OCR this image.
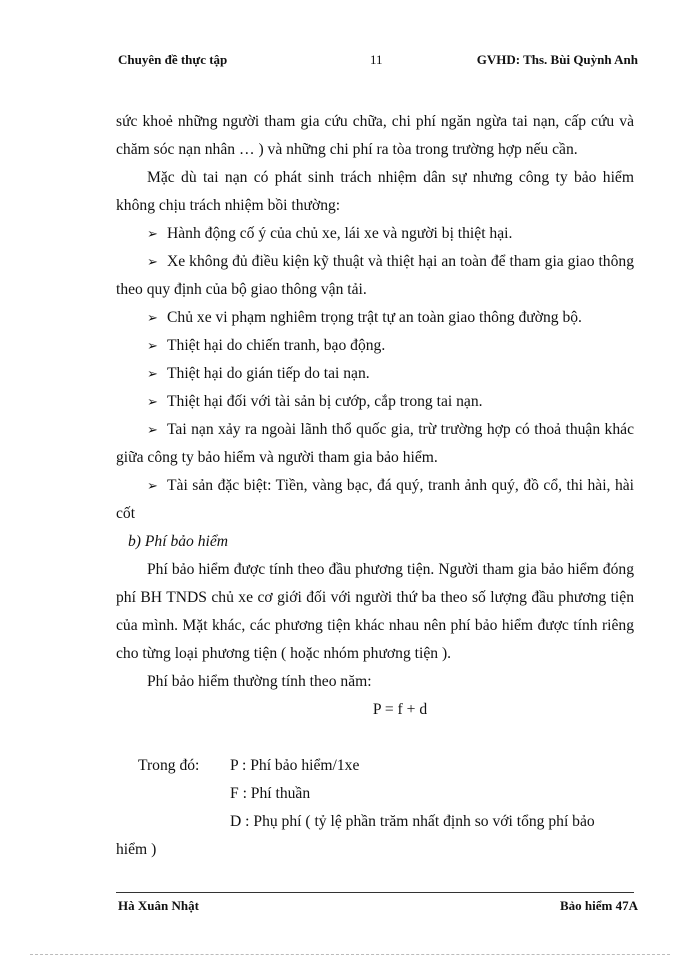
Chuyên đề thực tập	11	GVHD: Ths. Bùi Quỳnh Anh

sức khoẻ những người tham gia cứu chữa, chi phí ngăn ngừa tai nạn, cấp cứu và chăm sóc nạn nhân … ) và những chi phí ra tòa trong trường hợp nếu cần.

Mặc dù tai nạn có phát sinh trách nhiệm dân sự nhưng công ty bảo hiểm không chịu trách nhiệm bồi thường:

➢ Hành động cố ý của chủ xe, lái xe và người bị thiệt hại.

➢ Xe không đủ điều kiện kỹ thuật và thiệt hại an toàn để tham gia giao thông theo quy định của bộ giao thông vận tải.

➢ Chủ xe vi phạm nghiêm trọng trật tự an toàn giao thông đường bộ.

➢ Thiệt hại do chiến tranh, bạo động.

➢ Thiệt hại do gián tiếp do tai nạn.

➢ Thiệt hại đối với tài sản bị cướp, cắp trong tai nạn.

➢ Tai nạn xảy ra ngoài lãnh thổ quốc gia, trừ trường hợp có thoả thuận khác giữa công ty bảo hiểm và người tham gia bảo hiểm.

➢ Tài sản đặc biệt: Tiền, vàng bạc, đá quý, tranh ảnh quý, đồ cổ, thi hài, hài cốt

b) Phí bảo hiểm

Phí bảo hiểm được tính theo đầu phương tiện. Người tham gia bảo hiểm đóng phí BH TNDS chủ xe cơ giới đối với người thứ ba theo số lượng đầu phương tiện của mình. Mặt khác, các phương tiện khác nhau nên phí bảo hiểm được tính riêng cho từng loại phương tiện ( hoặc nhóm phương tiện ).

Phí bảo hiểm thường tính theo năm:

P = f + d

Trong đó:	P : Phí bảo hiểm/1xe

F : Phí thuần

D : Phụ phí ( tỷ lệ phần trăm nhất định so với tổng phí bảo

hiểm )

Hà Xuân Nhật	Bảo hiểm 47A
